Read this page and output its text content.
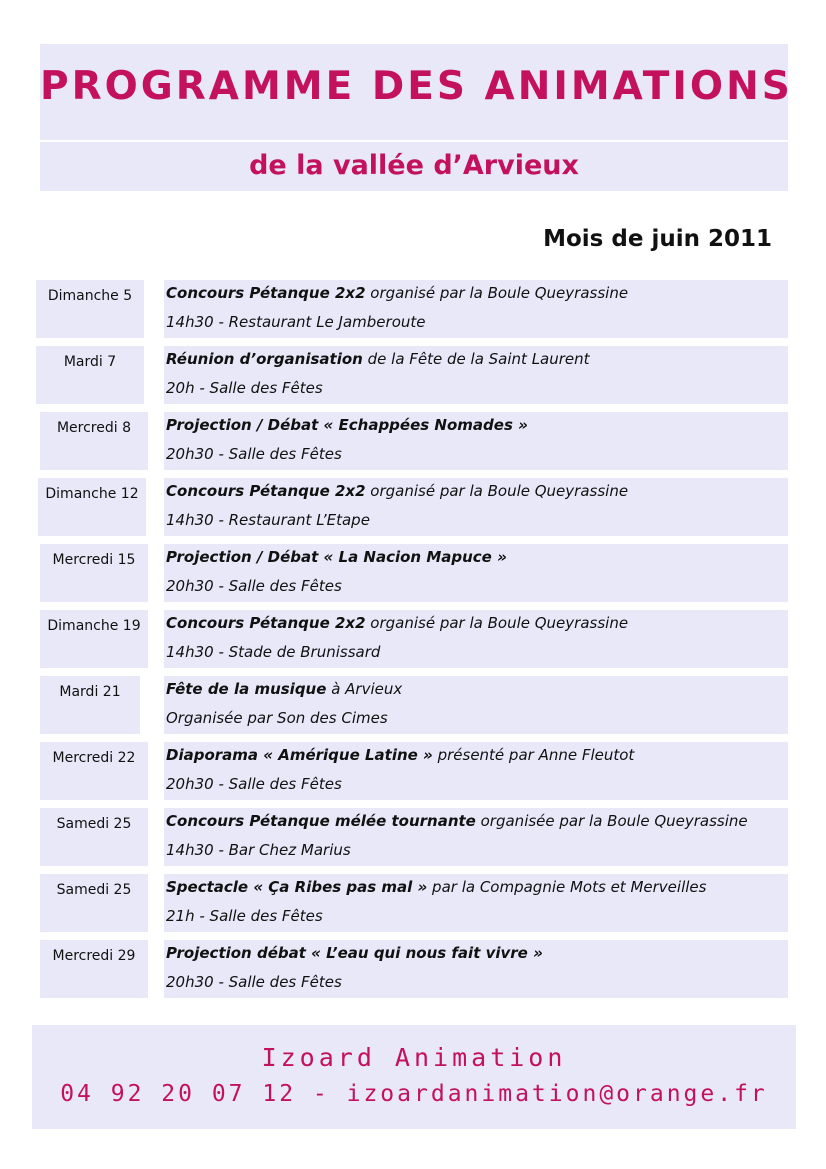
PROGRAMME DES ANIMATIONS
de la vallée d’Arvieux
Mois de juin 2011
Dimanche 5	Concours Pétanque 2x2 organisé par la Boule Queyrassine
14h30 - Restaurant Le Jamberoute
Mardi 7	Réunion d’organisation de la Fête de la Saint Laurent
20h - Salle des Fêtes
Mercredi 8	Projection / Débat « Echappées Nomades »
20h30 - Salle des Fêtes
Dimanche 12	Concours Pétanque 2x2 organisé par la Boule Queyrassine
14h30 - Restaurant L’Etape
Mercredi 15	Projection / Débat « La Nacion Mapuce »
20h30 - Salle des Fêtes
Dimanche 19	Concours Pétanque 2x2 organisé par la Boule Queyrassine
14h30 - Stade de Brunissard
Mardi 21	Fête de la musique à Arvieux
Organisée par Son des Cimes
Mercredi 22	Diaporama « Amérique Latine » présenté par Anne Fleutot
20h30 - Salle des Fêtes
Samedi 25	Concours Pétanque mélée tournante organisée par la Boule Queyrassine
14h30 - Bar Chez Marius
Samedi 25	Spectacle « Ça Ribes pas mal » par la Compagnie Mots et Merveilles
21h - Salle des Fêtes
Mercredi 29	Projection débat « L’eau qui nous fait vivre »
20h30 - Salle des Fêtes
Izoard Animation
04 92 20 07 12 - izoardanimation@orange.fr
